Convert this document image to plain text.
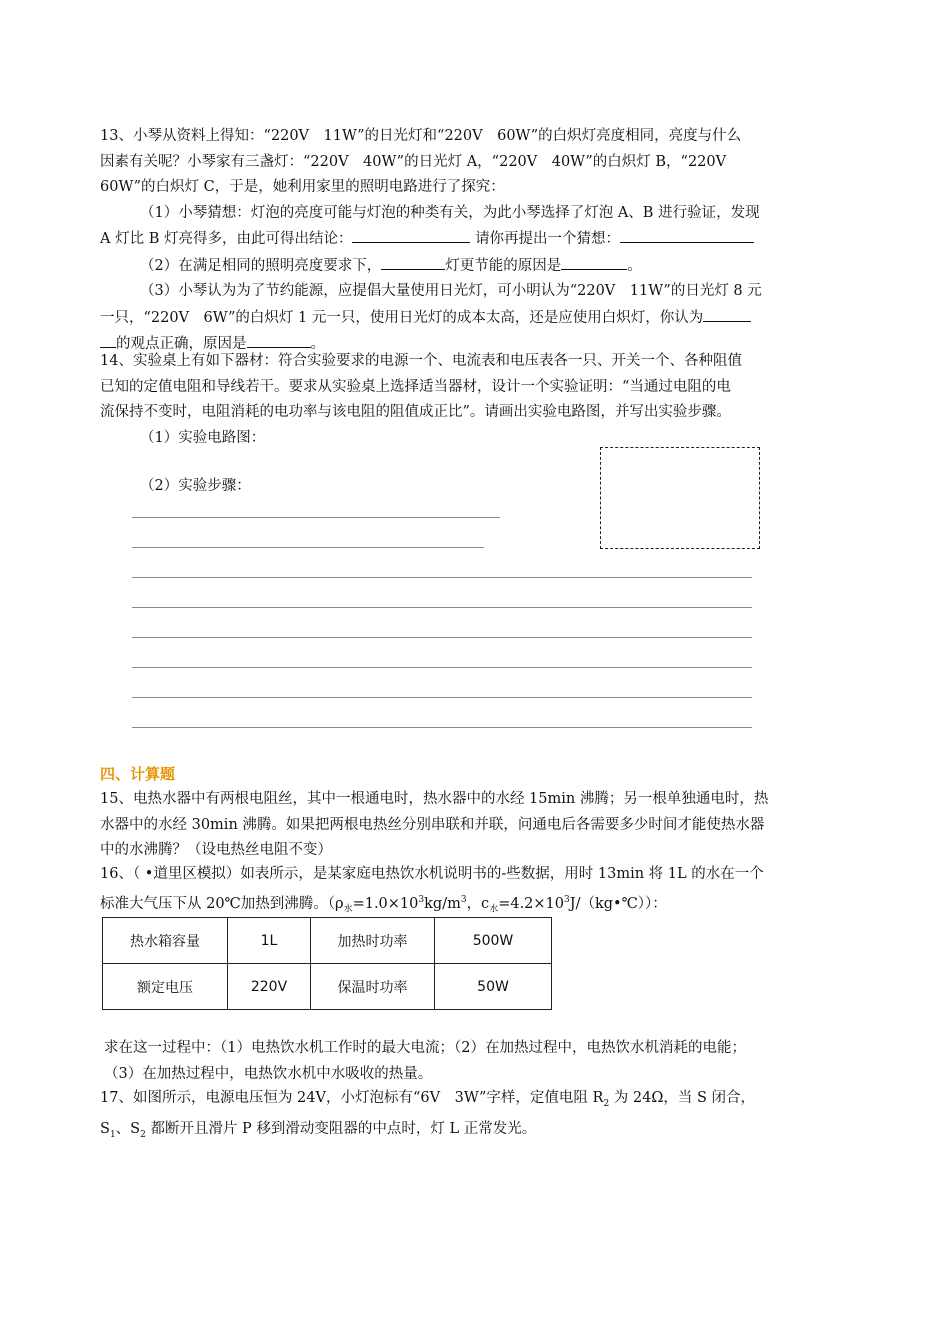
13、小琴从资料上得知：“220V　11W”的日光灯和“220V　60W”的白炽灯亮度相同，亮度与什么
因素有关呢？小琴家有三盏灯：“220V　40W”的日光灯 A，“220V　40W”的白炽灯 B，“220V
60W”的白炽灯 C，于是，她利用家里的照明电路进行了探究：
（1）小琴猜想：灯泡的亮度可能与灯泡的种类有关，为此小琴选择了灯泡 A、B 进行验证，发现
A 灯比 B 灯亮得多，由此可得出结论：	请你再提出一个猜想：
（2）在满足相同的照明亮度要求下，	灯更节能的原因是	。
（3）小琴认为为了节约能源，应提倡大量使用日光灯，可小明认为“220V　11W”的日光灯 8 元
一只，“220V　6W”的白炽灯 1 元一只，使用日光灯的成本太高，还是应使用白炽灯，你认为
的观点正确，原因是	。
14、实验桌上有如下器材：符合实验要求的电源一个、电流表和电压表各一只、开关一个、各种阻值
已知的定值电阻和导线若干。要求从实验桌上选择适当器材，设计一个实验证明：“当通过电阻的电
流保持不变时，电阻消耗的电功率与该电阻的阻值成正比”。请画出实验电路图，并写出实验步骤。
（1）实验电路图：
（2）实验步骤：
四、计算题
15、电热水器中有两根电阻丝，其中一根通电时，热水器中的水经 15min 沸腾；另一根单独通电时，热
水器中的水经 30min 沸腾。如果把两根电热丝分别串联和并联，问通电后各需要多少时间才能使热水器
中的水沸腾？（设电热丝电阻不变）
16、（ •道里区模拟）如表所示，是某家庭电热饮水机说明书的-些数据，用时 13min 将 1L 的水在一个
标准大气压下从 20℃加热到沸腾。（$\rho_水=1.0\times 10^3kg/m^3$，$c_水=4.2\times 10^3J/(kg•℃)$）：
热水箱容量	1L	加热时功率	500W
额定电压	220V	保温时功率	50W
求在这一过程中：（1）电热饮水机工作时的最大电流；（2）在加热过程中，电热饮水机消耗的电能；
（3）在加热过程中，电热饮水机中水吸收的热量。
17、如图所示，电源电压恒为 24V，小灯泡标有“6V　3W”字样，定值电阻 $R_2$ 为 24Ω，当 S 闭合，
$S_1$、$S_2$ 都断开且滑片 P 移到滑动变阻器的中点时，灯 L 正常发光。
